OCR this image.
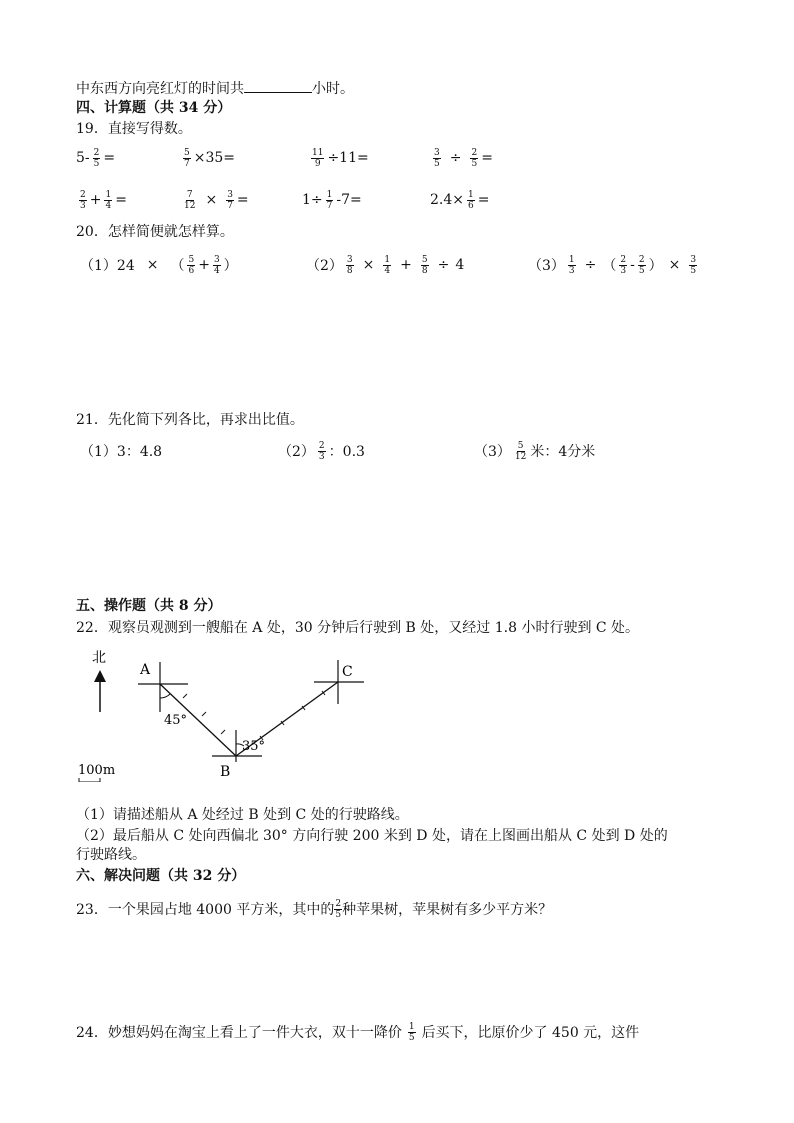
中东西方向亮红灯的时间共	小时。
四、计算题（共 34 分）
19．直接写得数。
$5- \frac{2}{5}$ =	$\frac{5}{7} \times 35=$	$\frac{11}{9} \div 11=$	$\frac{3}{5} \div \frac{2}{5}$ =
$\frac{2}{3} + \frac{1}{4}$ =	$\frac{7}{12} \times \frac{3}{7}$ =	$1\div \frac{1}{7} -7=$	$2.4\times \frac{1}{6}$ =
20．怎样简便就怎样算。
（1）24 × （ $\frac{5}{6} + \frac{3}{4}$ ）	$(2) \frac{3}{8} \times \frac{1}{4} + \frac{5}{8} \div 4$	$(3) \frac{1}{3}$ ÷ （ $\frac{2}{3} - \frac{2}{5}$ ） × $\frac{3}{5}$
21．先化简下列各比，再求出比值。
（1）3：4.8	$(2) \frac{2}{3}$ ：0.3	$(3) \frac{5}{12}$ 米：4分米
五、操作题（共 8 分）
22．观察员观测到一艘船在 A 处，30 分钟后行驶到 B 处，又经过 1.8 小时行驶到 C 处。
北
A
B
C
45°
35°
100m
（1）请描述船从 A 处经过 B 处到 C 处的行驶路线。
（2）最后船从 C 处向西偏北 30° 方向行驶 200 米到 D 处，请在上图画出船从 C 处到 D 处的
行驶路线。
六、解决问题（共 32 分）
23．一个果园占地 4000 平方米，其中的 $\frac{2}{5}$ 种苹果树，苹果树有多少平方米？
24．妙想妈妈在淘宝上看上了一件大衣，双十一降价 $\frac{1}{5}$ 后买下，比原价少了 450 元，这件
